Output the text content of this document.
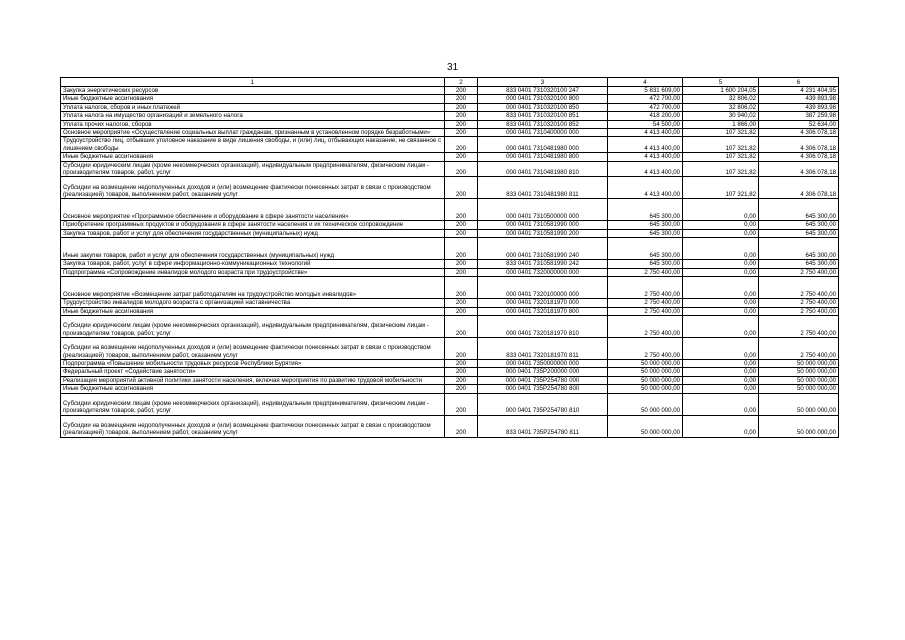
31
1	2	3	4	5	6
Закупка энергетических ресурсов	200	833 0401 7310320100 247	5 831 609,00	1 600 204,05	4 231 404,95
Иные бюджетные ассигнования	200	000 0401 7310320100 800	472 700,00	32 806,02	439 893,98
Уплата налогов, сборов и иных платежей	200	000 0401 7310320100 850	472 700,00	32 806,02	439 893,98
Уплата налога на имущество организаций и земельного налога	200	833 0401 7310320100 851	418 200,00	30 940,02	387 259,98
Уплата прочих налогов, сборов	200	833 0401 7310320100 852	54 500,00	1 866,00	52 634,00
Основное мероприятие «Осуществление социальных выплат гражданам, признанным в установленном порядке безработными»	200	000 0401 7310400000 000	4 413 400,00	107 321,82	4 306 078,18
Трудоустройство лиц, отбывших уголовное наказание в виде лишения свободы, и (или) лиц, отбывающих наказание, не связанное с лишением свободы	200	000 0401 7310481980 000	4 413 400,00	107 321,82	4 306 078,18
Иные бюджетные ассигнования	200	000 0401 7310481980 800	4 413 400,00	107 321,82	4 306 078,18
Субсидии юридическим лицам (кроме некоммерческих организаций), индивидуальным предпринимателям, физическим лицам - производителям товаров, работ, услуг	200	000 0401 7310481980 810	4 413 400,00	107 321,82	4 306 078,18
Субсидии на возмещение недополученных доходов и (или) возмещение фактически понесенных затрат в связи с производством (реализацией) товаров, выполнением работ, оказанием услуг	200	833 0401 7310481980 811	4 413 400,00	107 321,82	4 306 078,18
Основное мероприятие «Программное обеспечение и оборудование в сфере занятости населения»	200	000 0401 7310500000 000	645 300,00	0,00	645 300,00
Приобретение программных продуктов и оборудования в сфере занятости населения и их техническое сопровождение	200	000 0401 7310581990 000	645 300,00	0,00	645 300,00
Закупка товаров, работ и услуг для обеспечения государственных (муниципальных) нужд	200	000 0401 7310581990 200	645 300,00	0,00	645 300,00
Иные закупки товаров, работ и услуг для обеспечения государственных (муниципальных) нужд	200	000 0401 7310581990 240	645 300,00	0,00	645 300,00
Закупка товаров, работ, услуг в сфере информационно-коммуникационных технологий	200	833 0401 7310581990 242	645 300,00	0,00	645 300,00
Подпрограмма «Сопровождение инвалидов молодого возраста при трудоустройстве»	200	000 0401 7320000000 000	2 750 400,00	0,00	2 750 400,00
Основное мероприятие «Возмещение затрат работодателям на трудоустройство молодых инвалидов»	200	000 0401 7320100000 000	2 750 400,00	0,00	2 750 400,00
Трудоустройство инвалидов молодого возраста с организацией наставничества	200	000 0401 7320181970 000	2 750 400,00	0,00	2 750 400,00
Иные бюджетные ассигнования	200	000 0401 7320181970 800	2 750 400,00	0,00	2 750 400,00
Субсидии юридическим лицам (кроме некоммерческих организаций), индивидуальным предпринимателям, физическим лицам - производителям товаров, работ, услуг	200	000 0401 7320181970 810	2 750 400,00	0,00	2 750 400,00
Субсидии на возмещение недополученных доходов и (или) возмещение фактически понесенных затрат в связи с производством (реализацией) товаров, выполнением работ, оказанием услуг	200	833 0401 7320181970 811	2 750 400,00	0,00	2 750 400,00
Подпрограмма «Повышение мобильности трудовых ресурсов Республики Бурятия»	200	000 0401 7350000000 000	50 000 000,00	0,00	50 000 000,00
Федеральный проект «Содействие занятости»	200	000 0401 735P200000 000	50 000 000,00	0,00	50 000 000,00
Реализация мероприятий активной политики занятости населения, включая мероприятия по развитию трудовой мобильности	200	000 0401 735P254780 000	50 000 000,00	0,00	50 000 000,00
Иные бюджетные ассигнования	200	000 0401 735P254780 800	50 000 000,00	0,00	50 000 000,00
Субсидии юридическим лицам (кроме некоммерческих организаций), индивидуальным предпринимателям, физическим лицам - производителям товаров, работ, услуг	200	000 0401 735P254780 810	50 000 000,00	0,00	50 000 000,00
Субсидии на возмещение недополученных доходов и (или) возмещение фактически понесенных затрат в связи с производством (реализацией) товаров, выполнением работ, оказанием услуг	200	833 0401 735P254780 811	50 000 000,00	0,00	50 000 000,00
